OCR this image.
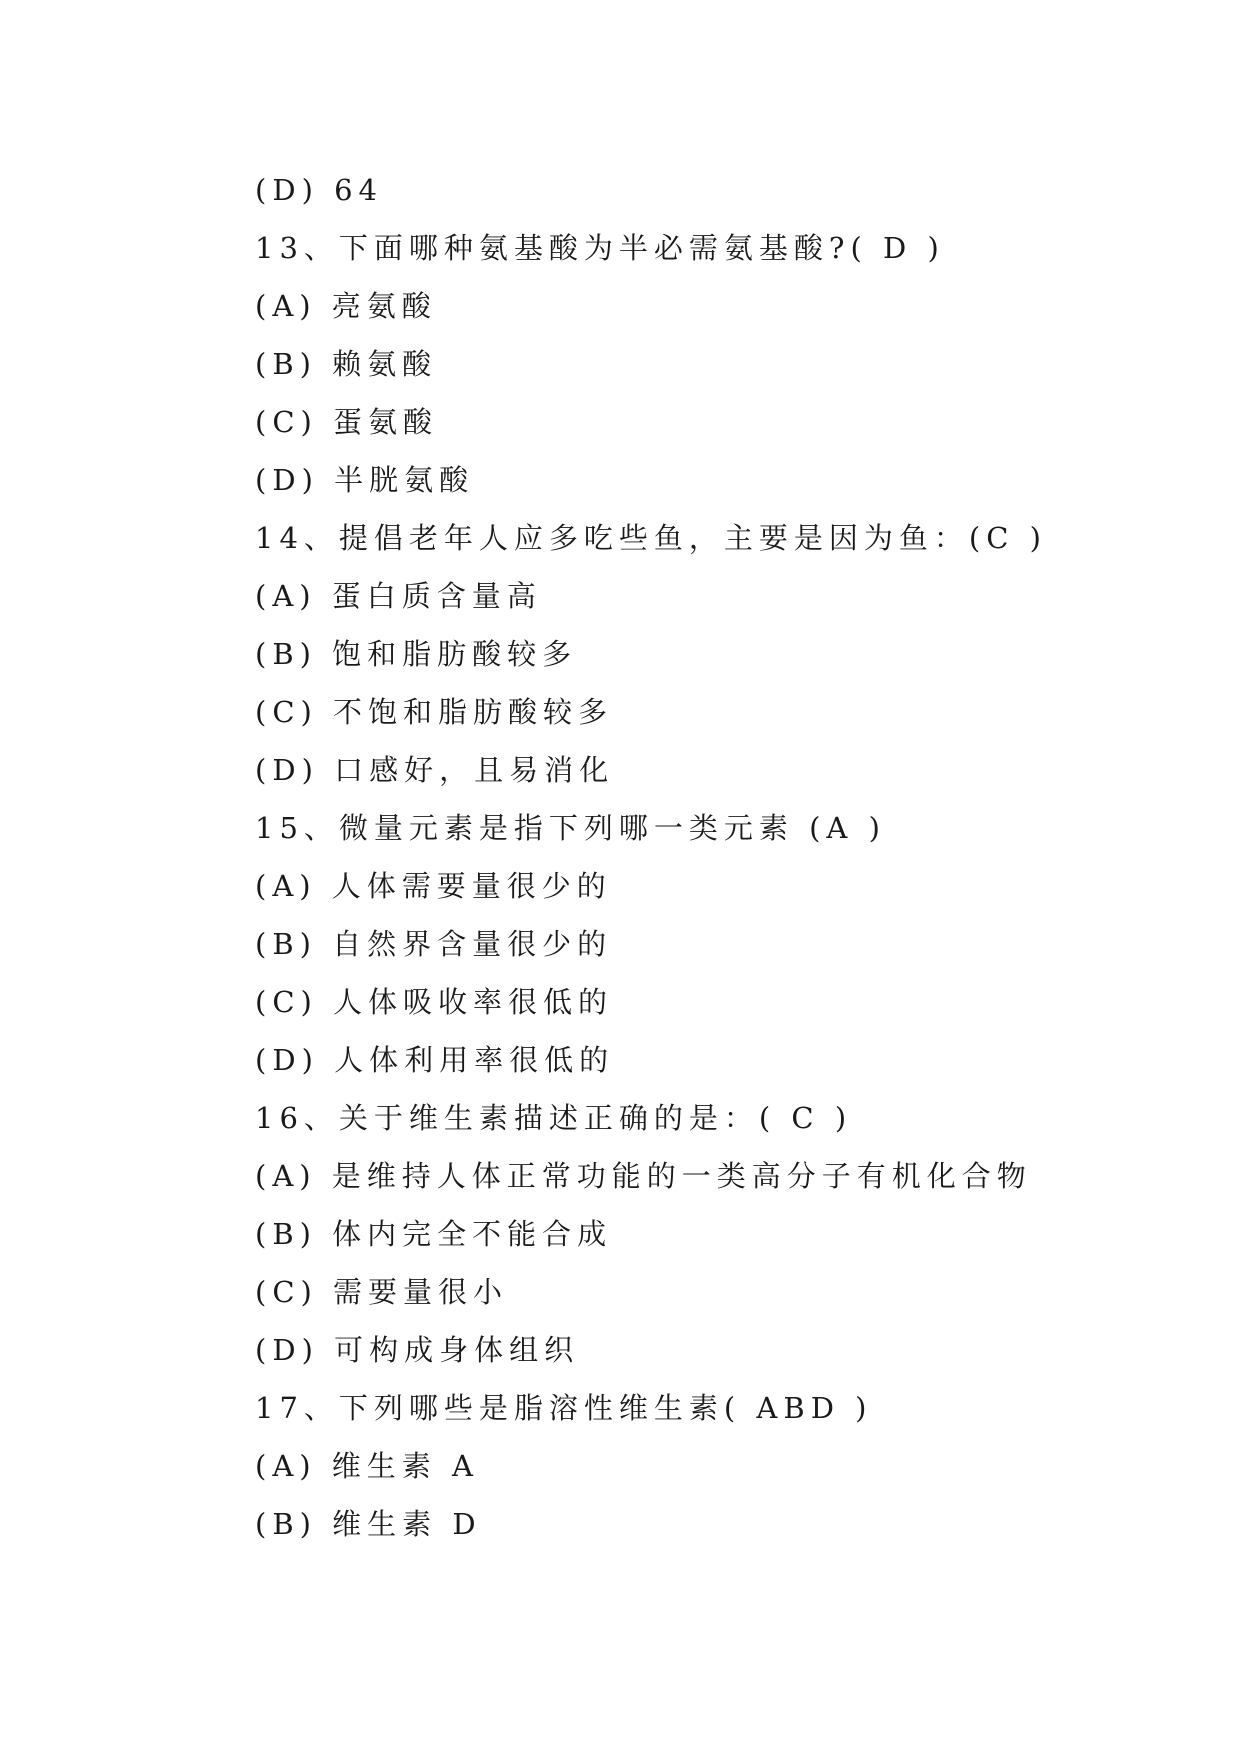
(D) 64
13、下面哪种氨基酸为半必需氨基酸?( D )
(A) 亮氨酸
(B) 赖氨酸
(C) 蛋氨酸
(D) 半胱氨酸
14、提倡老年人应多吃些鱼，主要是因为鱼：(C )
(A) 蛋白质含量高
(B) 饱和脂肪酸较多
(C) 不饱和脂肪酸较多
(D) 口感好，且易消化
15、微量元素是指下列哪一类元素 (A )
(A) 人体需要量很少的
(B) 自然界含量很少的
(C) 人体吸收率很低的
(D) 人体利用率很低的
16、关于维生素描述正确的是：( C )
(A) 是维持人体正常功能的一类高分子有机化合物
(B) 体内完全不能合成
(C) 需要量很小
(D) 可构成身体组织
17、下列哪些是脂溶性维生素( ABD )
(A) 维生素 A
(B) 维生素 D
